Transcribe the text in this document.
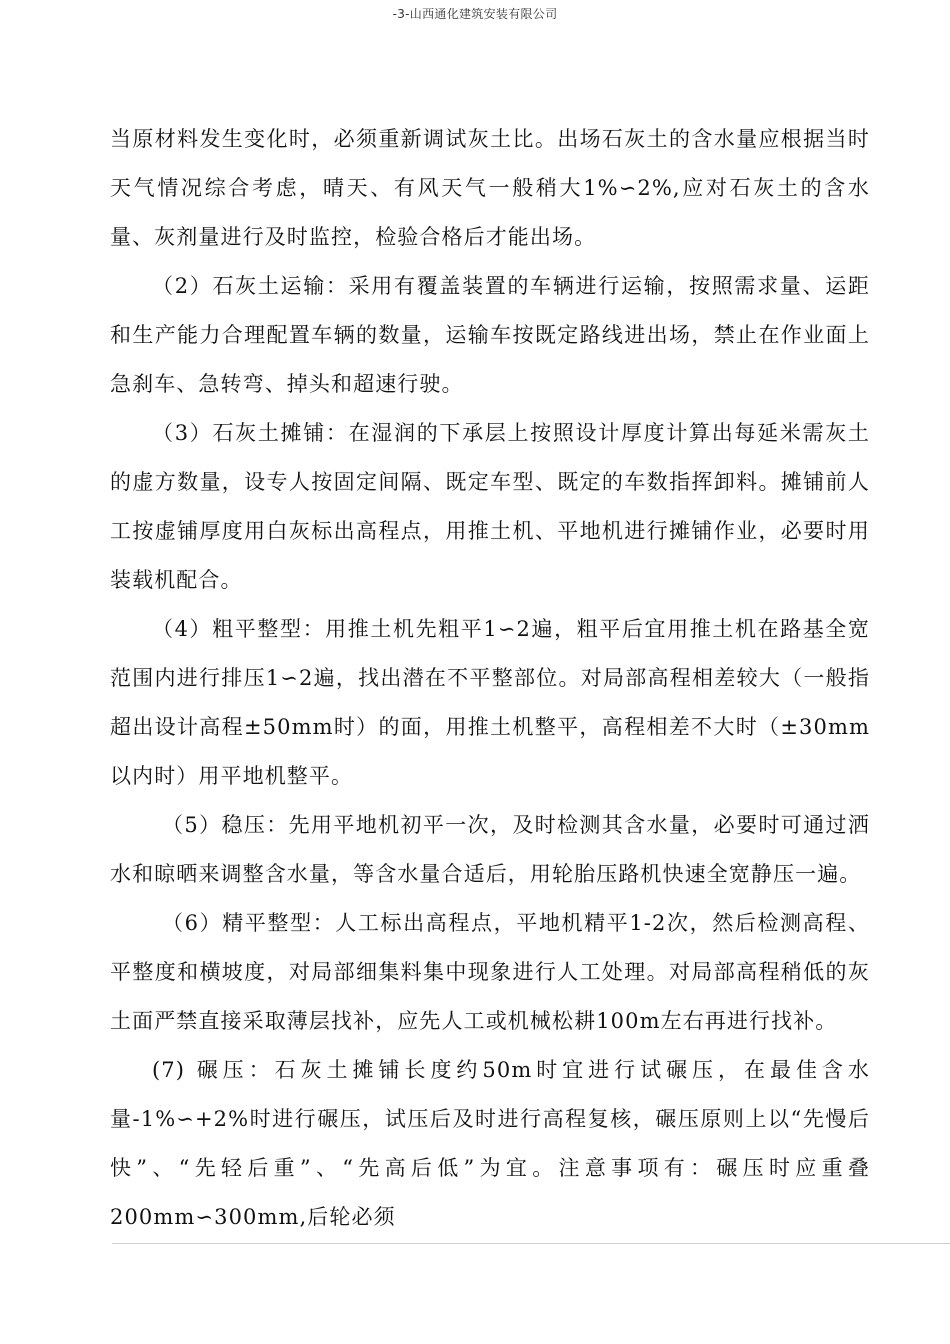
-3-山西通化建筑安装有限公司

当原材料发生变化时，必须重新调试灰土比。出场石灰土的含水量应根据当时天气情况综合考虑，晴天、有风天气一般稍大1%∽2%,应对石灰土的含水量、灰剂量进行及时监控，检验合格后才能出场。

（2）石灰土运输：采用有覆盖装置的车辆进行运输，按照需求量、运距和生产能力合理配置车辆的数量，运输车按既定路线进出场，禁止在作业面上急刹车、急转弯、掉头和超速行驶。

（3）石灰土摊铺：在湿润的下承层上按照设计厚度计算出每延米需灰土的虚方数量，设专人按固定间隔、既定车型、既定的车数指挥卸料。摊铺前人工按虚铺厚度用白灰标出高程点，用推土机、平地机进行摊铺作业，必要时用装载机配合。

（4）粗平整型：用推土机先粗平1∽2遍，粗平后宜用推土机在路基全宽范围内进行排压1∽2遍，找出潜在不平整部位。对局部高程相差较大（一般指超出设计高程±50mm时）的面，用推土机整平，高程相差不大时（±30mm以内时）用平地机整平。

（5）稳压：先用平地机初平一次，及时检测其含水量，必要时可通过洒水和晾晒来调整含水量，等含水量合适后，用轮胎压路机快速全宽静压一遍。

（6）精平整型：人工标出高程点，平地机精平1-2次，然后检测高程、平整度和横坡度，对局部细集料集中现象进行人工处理。对局部高程稍低的灰土面严禁直接采取薄层找补，应先人工或机械松耕100m左右再进行找补。

(7) 碾压：石灰土摊铺长度约50m时宜进行试碾压，在最佳含水量-1%∽+2%时进行碾压，试压后及时进行高程复核，碾压原则上以“先慢后快”、“先轻后重”、“先高后低”为宜。注意事项有：碾压时应重叠200mm∽300mm,后轮必须
